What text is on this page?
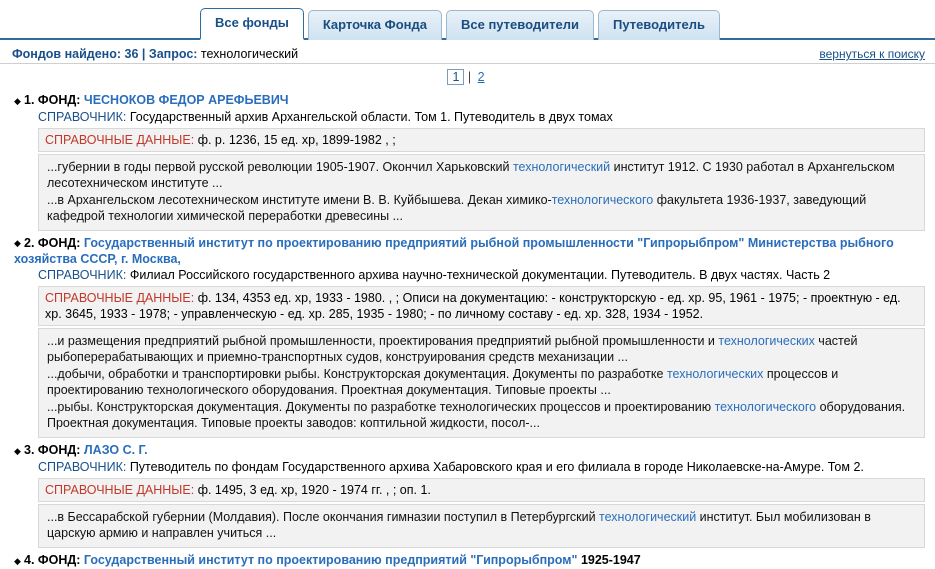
Все фонды	Карточка Фонда	Все путеводители	Путеводитель
Фондов найдено: 36 | Запрос: технологический	вернуться к поиску
1 | 2
◆ 1. ФОНД: ЧЕСНОКОВ ФЕДОР АРЕФЬЕВИЧ
СПРАВОЧНИК: Государственный архив Архангельской области. Том 1. Путеводитель в двух томах
СПРАВОЧНЫЕ ДАННЫЕ: ф. р. 1236, 15 ед. хр, 1899-1982 , ;
...губернии в годы первой русской революции 1905-1907. Окончил Харьковский технологический институт 1912. С 1930 работал в Архангельском лесотехническом институте ...
...в Архангельском лесотехническом институте имени В. В. Куйбышева. Декан химико-технологического факультета 1936-1937, заведующий кафедрой технологии химической переработки древесины ...
◆ 2. ФОНД: Государственный институт по проектированию предприятий рыбной промышленности "Гипрорыбпром" Министерства рыбного хозяйства СССР, г. Москва,
СПРАВОЧНИК: Филиал Российского государственного архива научно-технической документации. Путеводитель. В двух частях. Часть 2
СПРАВОЧНЫЕ ДАННЫЕ: ф. 134, 4353 ед. хр, 1933 - 1980. , ; Описи на документацию: - конструкторскую - ед. хр. 95, 1961 - 1975; - проектную - ед. хр. 3645, 1933 - 1978; - управленческую - ед. хр. 285, 1935 - 1980; - по личному составу - ед. хр. 328, 1934 - 1952.
...и размещения предприятий рыбной промышленности, проектирования предприятий рыбной промышленности и технологических частей рыбоперерабатывающих и приемно-транспортных судов, конструирования средств механизации ...
...добычи, обработки и транспортировки рыбы. Конструкторская документация. Документы по разработке технологических процессов и проектированию технологического оборудования. Проектная документация. Типовые проекты ...
...рыбы. Конструкторская документация. Документы по разработке технологических процессов и проектированию технологического оборудования. Проектная документация. Типовые проекты заводов: коптильной жидкости, посол-...
◆ 3. ФОНД: ЛАЗО С. Г.
СПРАВОЧНИК: Путеводитель по фондам Государственного архива Хабаровского края и его филиала в городе Николаевске-на-Амуре. Том 2.
СПРАВОЧНЫЕ ДАННЫЕ: ф. 1495, 3 ед. хр, 1920 - 1974 гг. , ; оп. 1.
...в Бессарабской губернии (Молдавия). После окончания гимназии поступил в Петербургский технологический институт. Был мобилизован в царскую армию и направлен учиться ...
◆ 4. ФОНД: Государственный институт по проектированию предприятий "Гипрорыбпром" 1925-1947
